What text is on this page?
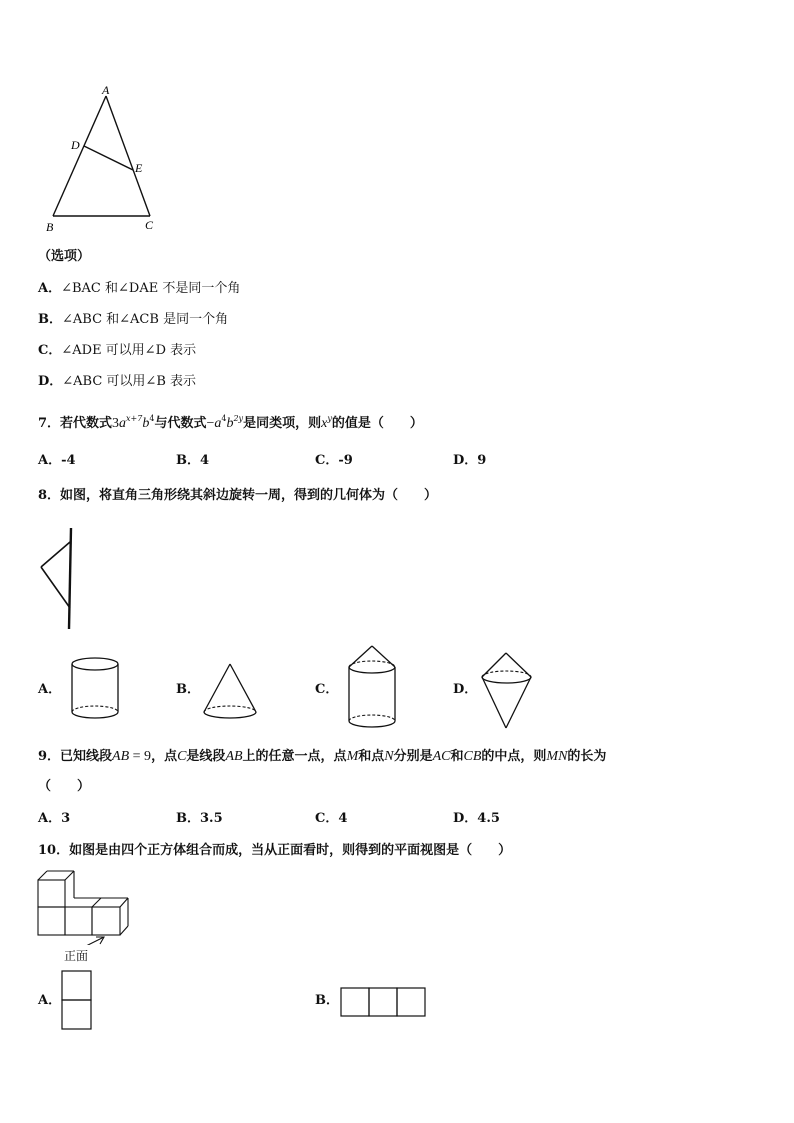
A
D
E
B	C
（选项）
A．∠BAC 和∠DAE 不是同一个角
B．∠ABC 和∠ACB 是同一个角
C．∠ADE 可以用∠D 表示
D．∠ABC 可以用∠B 表示
7．若代数式$3a^{x+7}b^4$与代数式$-a^4b^{2y}$是同类项，则$x^y$的值是（　　）
A．-4	B．4	C．-9	D．9
8．如图，将直角三角形绕其斜边旋转一周，得到的几何体为（　　）
A．	B．	C．	D．
9．已知线段AB = 9，点C是线段AB上的任意一点，点M和点N分别是AC和CB的中点，则MN的长为
（　　）
A．3	B．3.5	C．4	D．4.5
10．如图是由四个正方体组合而成，当从正面看时，则得到的平面视图是（　　）
正面
A．	B．
